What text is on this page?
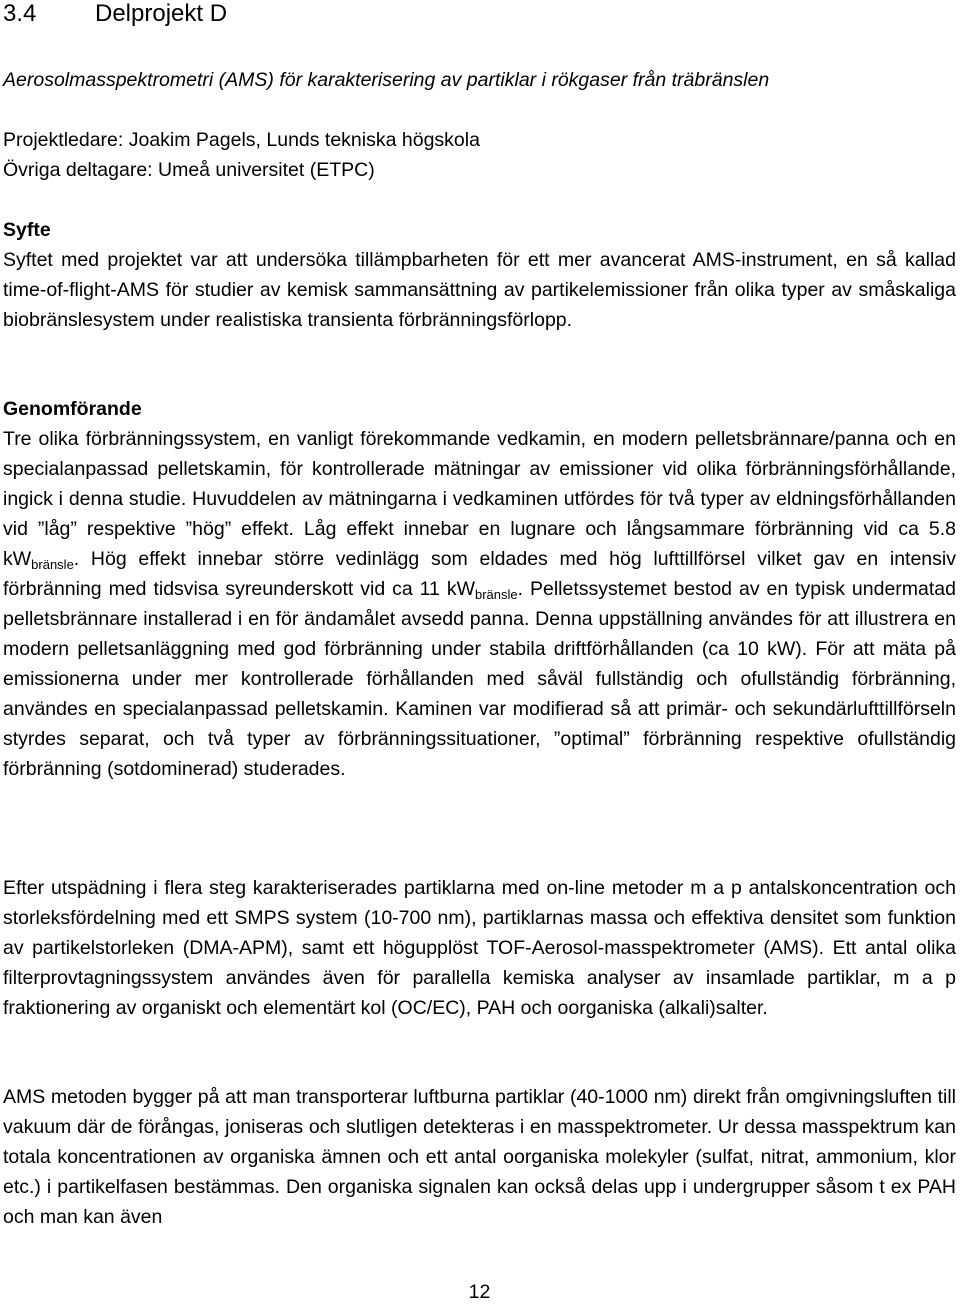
3.4 Delprojekt D
Aerosolmasspektrometri (AMS) för karakterisering av partiklar i rökgaser från träbränslen
Projektledare: Joakim Pagels, Lunds tekniska högskola
Övriga deltagare: Umeå universitet (ETPC)
Syfte
Syftet med projektet var att undersöka tillämpbarheten för ett mer avancerat AMS-instrument, en så kallad time-of-flight-AMS för studier av kemisk sammansättning av partikelemissioner från olika typer av småskaliga biobränslesystem under realistiska transienta förbränningsförlopp.
Genomförande
Tre olika förbränningssystem, en vanligt förekommande vedkamin, en modern pelletsbrännare/panna och en specialanpassad pelletskamin, för kontrollerade mätningar av emissioner vid olika förbränningsförhållande, ingick i denna studie. Huvuddelen av mätningarna i vedkaminen utfördes för två typer av eldningsförhållanden vid ”låg” respektive ”hög” effekt. Låg effekt innebar en lugnare och långsammare förbränning vid ca 5.8 $kW_{bränsle}$. Hög effekt innebar större vedinlägg som eldades med hög lufttillförsel vilket gav en intensiv förbränning med tidsvisa syreunderskott vid ca 11 $kW_{bränsle}$. Pelletssystemet bestod av en typisk undermatad pelletsbrännare installerad i en för ändamålet avsedd panna. Denna uppställning användes för att illustrera en modern pelletsanläggning med god förbränning under stabila driftförhållanden (ca 10 kW). För att mäta på emissionerna under mer kontrollerade förhållanden med såväl fullständig och ofullständig förbränning, användes en specialanpassad pelletskamin. Kaminen var modifierad så att primär- och sekundärlufttillförseln styrdes separat, och två typer av förbränningssituationer, ”optimal” förbränning respektive ofullständig förbränning (sotdominerad) studerades.
Efter utspädning i flera steg karakteriserades partiklarna med on-line metoder m a p antalskoncentration och storleksfördelning med ett SMPS system (10-700 nm), partiklarnas massa och effektiva densitet som funktion av partikelstorleken (DMA-APM), samt ett högupplöst TOF-Aerosol-masspektrometer (AMS). Ett antal olika filterprovtagningssystem användes även för parallella kemiska analyser av insamlade partiklar, m a p fraktionering av organiskt och elementärt kol (OC/EC), PAH och oorganiska (alkali)salter.
AMS metoden bygger på att man transporterar luftburna partiklar (40-1000 nm) direkt från omgivningsluften till vakuum där de förångas, joniseras och slutligen detekteras i en masspektrometer. Ur dessa masspektrum kan totala koncentrationen av organiska ämnen och ett antal oorganiska molekyler (sulfat, nitrat, ammonium, klor etc.) i partikelfasen bestämmas. Den organiska signalen kan också delas upp i undergrupper såsom t ex PAH och man kan även
12
